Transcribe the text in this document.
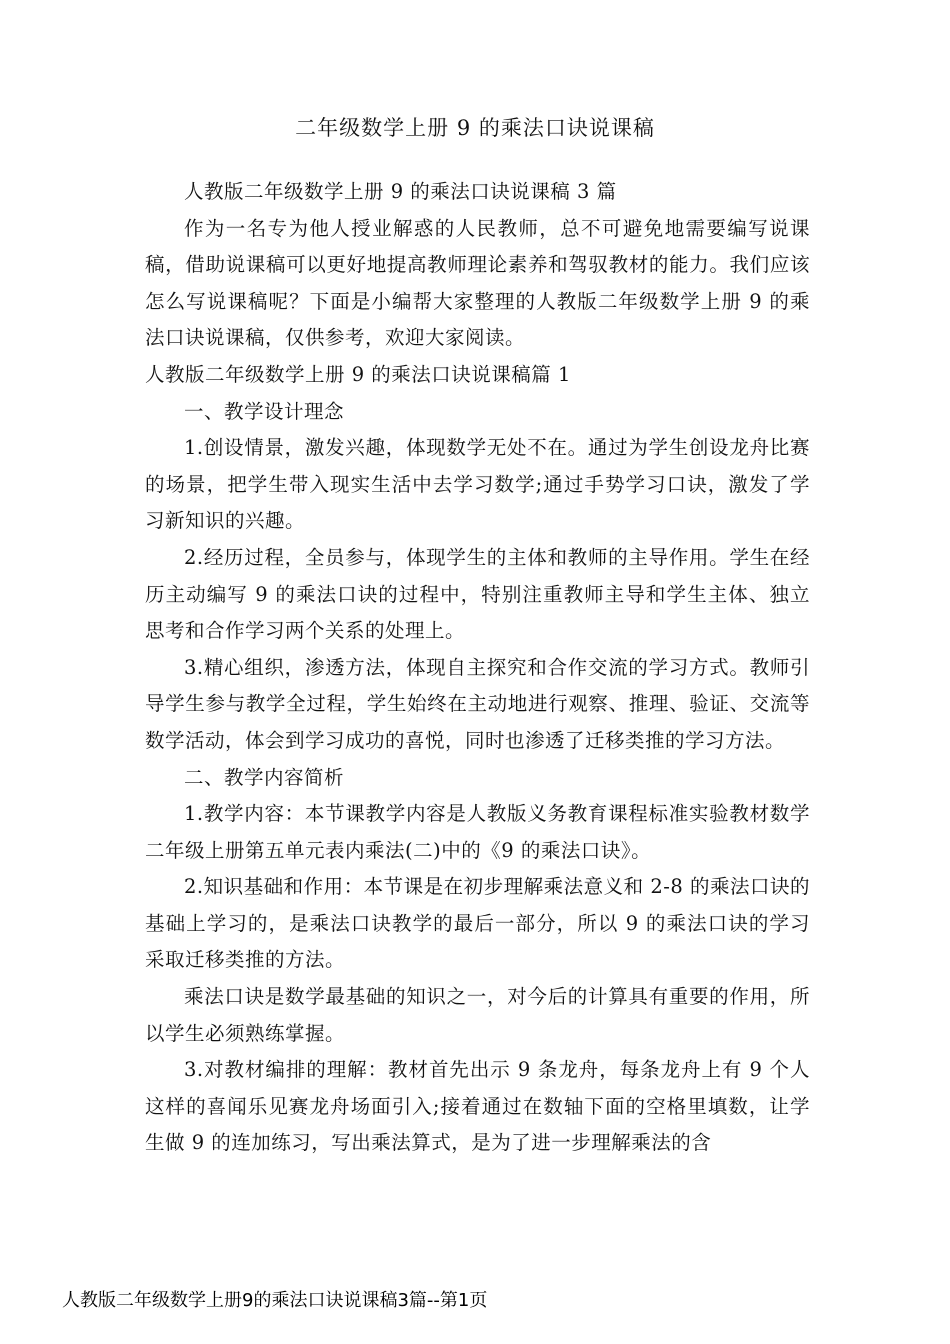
二年级数学上册 9 的乘法口诀说课稿

人教版二年级数学上册 9 的乘法口诀说课稿 3 篇

作为一名专为他人授业解惑的人民教师，总不可避免地需要编写说课稿，借助说课稿可以更好地提高教师理论素养和驾驭教材的能力。我们应该怎么写说课稿呢？下面是小编帮大家整理的人教版二年级数学上册 9 的乘法口诀说课稿，仅供参考，欢迎大家阅读。

人教版二年级数学上册 9 的乘法口诀说课稿篇 1

一、教学设计理念

1.创设情景，激发兴趣，体现数学无处不在。通过为学生创设龙舟比赛的场景，把学生带入现实生活中去学习数学;通过手势学习口诀，激发了学习新知识的兴趣。

2.经历过程，全员参与，体现学生的主体和教师的主导作用。学生在经历主动编写 9 的乘法口诀的过程中，特别注重教师主导和学生主体、独立思考和合作学习两个关系的处理上。

3.精心组织，渗透方法，体现自主探究和合作交流的学习方式。教师引导学生参与教学全过程，学生始终在主动地进行观察、推理、验证、交流等数学活动，体会到学习成功的喜悦，同时也渗透了迁移类推的学习方法。

二、教学内容简析

1.教学内容：本节课教学内容是人教版义务教育课程标准实验教材数学二年级上册第五单元表内乘法(二)中的《9 的乘法口诀》。

2.知识基础和作用：本节课是在初步理解乘法意义和 2-8 的乘法口诀的基础上学习的，是乘法口诀教学的最后一部分，所以 9 的乘法口诀的学习采取迁移类推的方法。

乘法口诀是数学最基础的知识之一，对今后的计算具有重要的作用，所以学生必须熟练掌握。

3.对教材编排的理解：教材首先出示 9 条龙舟，每条龙舟上有 9 个人这样的喜闻乐见赛龙舟场面引入;接着通过在数轴下面的空格里填数，让学生做 9 的连加练习，写出乘法算式，是为了进一步理解乘法的含

人教版二年级数学上册9的乘法口诀说课稿3篇--第1页
